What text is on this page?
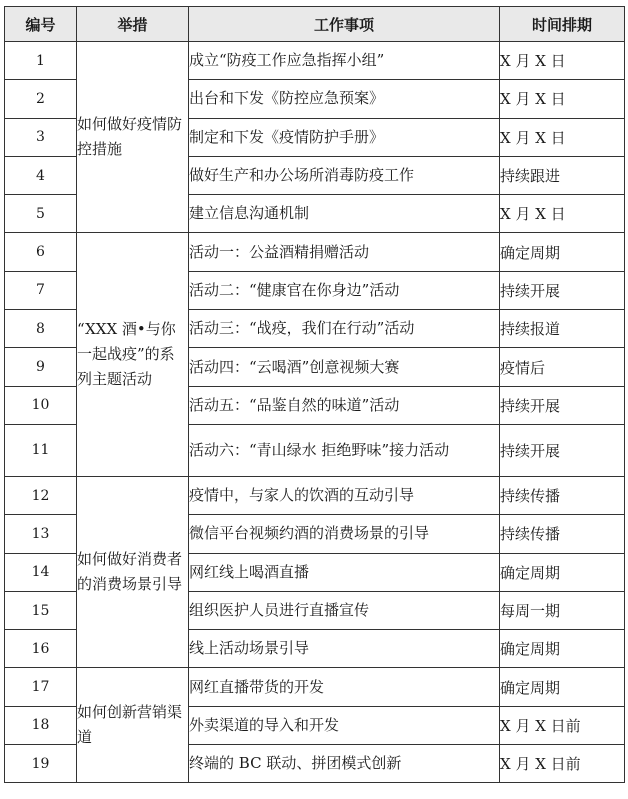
编号	举措	工作事项	时间排期
1	如何做好疫情防控措施	成立“防疫工作应急指挥小组”	X 月 X 日
2		出台和下发《防控应急预案》	X 月 X 日
3		制定和下发《疫情防护手册》	X 月 X 日
4		做好生产和办公场所消毒防疫工作	持续跟进
5		建立信息沟通机制	X 月 X 日
6	“XXX 酒•与你一起战疫”的系列主题活动	活动一：公益酒精捐赠活动	确定周期
7		活动二：“健康官在你身边”活动	持续开展
8		活动三：“战疫，我们在行动”活动	持续报道
9		活动四：“云喝酒”创意视频大赛	疫情后
10		活动五：“品鉴自然的味道”活动	持续开展
11		活动六：“青山绿水 拒绝野味”接力活动	持续开展
12	如何做好消费者的消费场景引导	疫情中，与家人的饮酒的互动引导	持续传播
13		微信平台视频约酒的消费场景的引导	持续传播
14		网红线上喝酒直播	确定周期
15		组织医护人员进行直播宣传	每周一期
16		线上活动场景引导	确定周期
17	如何创新营销渠道	网红直播带货的开发	确定周期
18		外卖渠道的导入和开发	X 月 X 日前
19		终端的 BC 联动、拼团模式创新	X 月 X 日前
